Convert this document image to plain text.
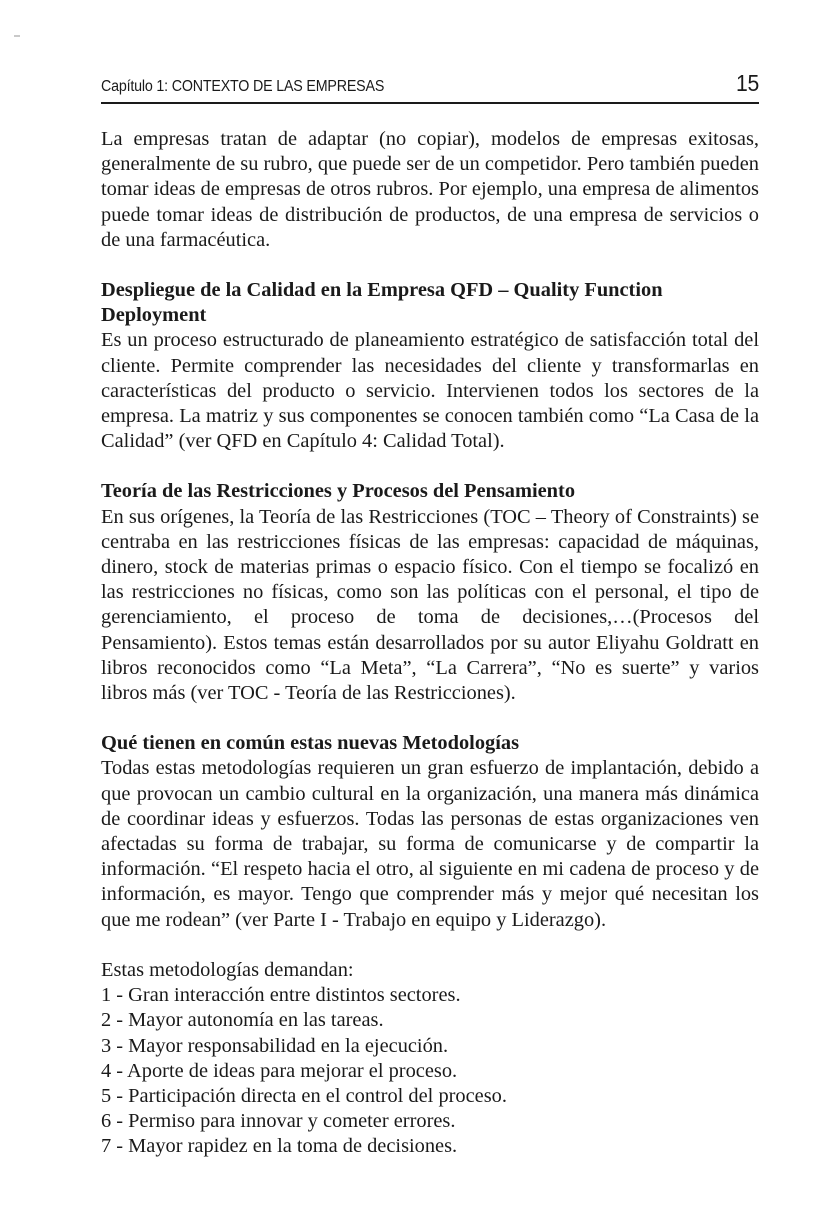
Capítulo 1: CONTEXTO DE LAS EMPRESAS	15

La empresas tratan de adaptar (no copiar), modelos de empresas exitosas, generalmente de su rubro, que puede ser de un competidor. Pero también pueden tomar ideas de empresas de otros rubros. Por ejemplo, una empresa de alimentos puede tomar ideas de distribución de productos, de una empresa de servicios o de una farmacéutica.

Despliegue de la Calidad en la Empresa QFD – Quality Function Deployment

Es un proceso estructurado de planeamiento estratégico de satisfacción total del cliente. Permite comprender las necesidades del cliente y transformarlas en características del producto o servicio. Intervienen todos los sectores de la empresa. La matriz y sus componentes se conocen también como “La Casa de la Calidad” (ver QFD en Capítulo 4: Calidad Total).

Teoría de las Restricciones y Procesos del Pensamiento

En sus orígenes, la Teoría de las Restricciones (TOC – Theory of Constraints) se centraba en las restricciones físicas de las empresas: capacidad de máquinas, dinero, stock de materias primas o espacio físico. Con el tiempo se focalizó en las restricciones no físicas, como son las políticas con el personal, el tipo de gerenciamiento, el proceso de toma de decisiones,…(Procesos del Pensamiento). Estos temas están desarrollados por su autor Eliyahu Goldratt en libros reconocidos como “La Meta”, “La Carrera”, “No es suerte” y varios libros más (ver TOC - Teoría de las Restricciones).

Qué tienen en común estas nuevas Metodologías

Todas estas metodologías requieren un gran esfuerzo de implantación, debido a que provocan un cambio cultural en la organización, una manera más dinámica de coordinar ideas y esfuerzos. Todas las personas de estas organizaciones ven afectadas su forma de trabajar, su forma de comunicarse y de compartir la información. “El respeto hacia el otro, al siguiente en mi cadena de proceso y de información, es mayor. Tengo que comprender más y mejor qué necesitan los que me rodean” (ver Parte I - Trabajo en equipo y Liderazgo).

Estas metodologías demandan:

1 - Gran interacción entre distintos sectores.
2 - Mayor autonomía en las tareas.
3 - Mayor responsabilidad en la ejecución.
4 - Aporte de ideas para mejorar el proceso.
5 - Participación directa en el control del proceso.
6 - Permiso para innovar y cometer errores.
7 - Mayor rapidez en la toma de decisiones.
